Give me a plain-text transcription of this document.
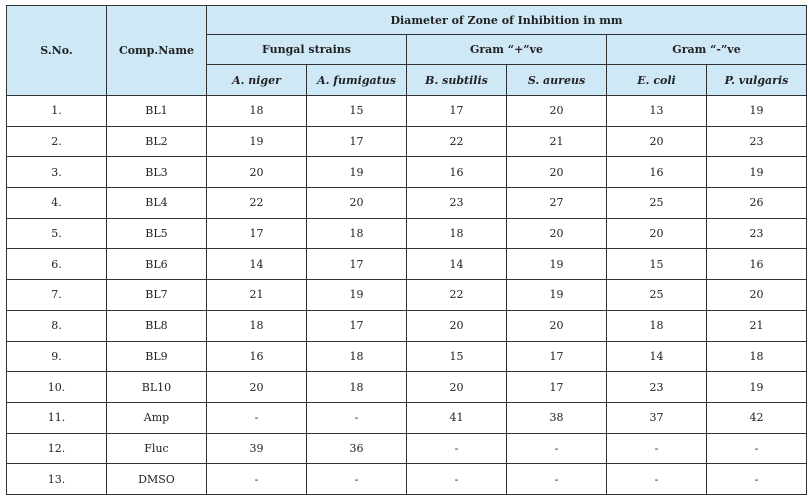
S.No.	Comp.Name	Diameter of Zone of Inhibition in mm					
		Fungal strains		Gram “+”ve		Gram “-”ve	
		A. niger	A. fumigatus	B. subtilis	S. aureus	E. coli	P. vulgaris
1.	BL1	18	15	17	20	13	19
2.	BL2	19	17	22	21	20	23
3.	BL3	20	19	16	20	16	19
4.	BL4	22	20	23	27	25	26
5.	BL5	17	18	18	20	20	23
6.	BL6	14	17	14	19	15	16
7.	BL7	21	19	22	19	25	20
8.	BL8	18	17	20	20	18	21
9.	BL9	16	18	15	17	14	18
10.	BL10	20	18	20	17	23	19
11.	Amp	-	-	41	38	37	42
12.	Fluc	39	36	-	-	-	-
13.	DMSO	-	-	-	-	-	-
